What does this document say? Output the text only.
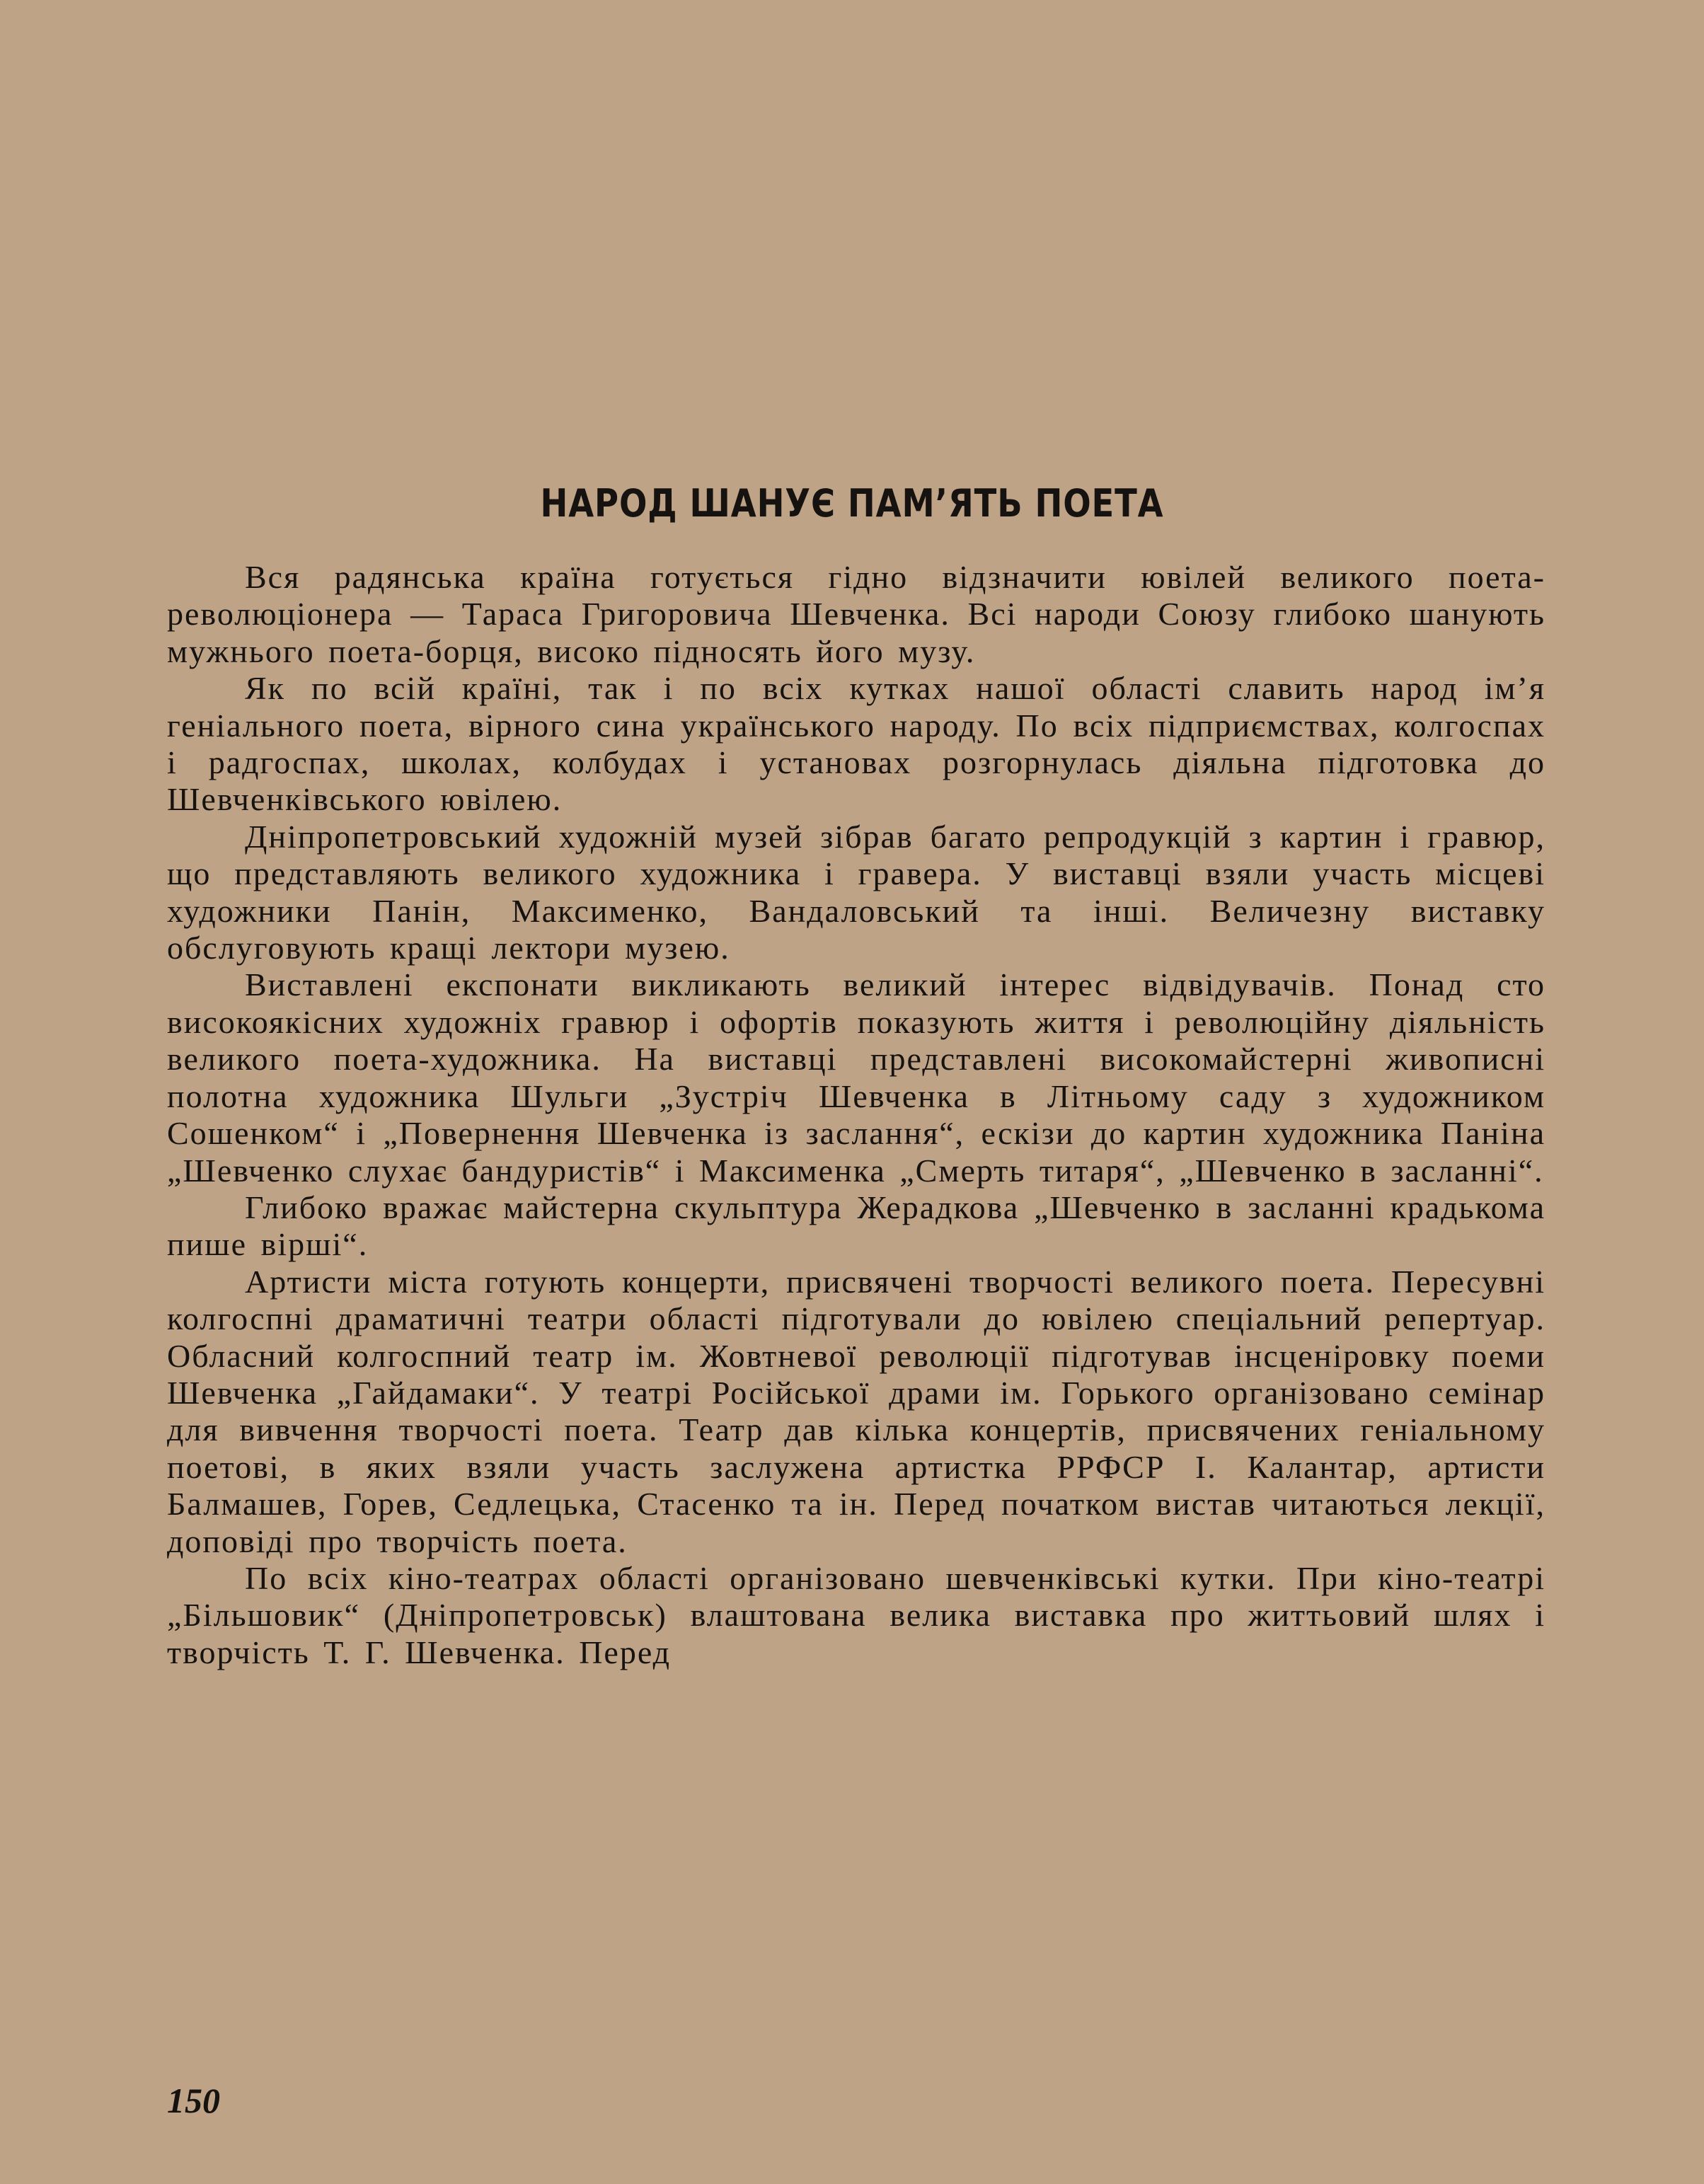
НАРОД ШАНУЄ ПАМ’ЯТЬ ПОЕТА

Вся радянська країна готується гідно відзначити ювілей великого поета-революціонера — Тараса Григоровича Шевченка. Всі народи Союзу глибоко шанують мужнього поета-борця, високо підносять його музу.

Як по всій країні, так і по всіх кутках нашої області славить народ ім’я геніального поета, вірного сина українського народу. По всіх підприємствах, колгоспах і радгоспах, школах, колбудах і установах розгорнулась діяльна підготовка до Шевченківського ювілею.

Дніпропетровський художній музей зібрав багато репродукцій з картин і гравюр, що представляють великого художника і гравера. У виставці взяли участь місцеві художники Панін, Максименко, Вандаловський та інші. Величезну виставку обслуговують кращі лектори музею.

Виставлені експонати викликають великий інтерес відвідувачів. Понад сто високоякісних художніх гравюр і офортів показують життя і революційну діяльність великого поета-художника. На виставці представлені високомайстерні живописні полотна художника Шульги „Зустріч Шевченка в Літньому саду з художником Сошенком“ і „Повернення Шевченка із заслання“, ескізи до картин художника Паніна „Шевченко слухає бандуристів“ і Максименка „Смерть титаря“, „Шевченко в засланні“.

Глибоко вражає майстерна скульптура Жерадкова „Шевченко в засланні крадькома пише вірші“.

Артисти міста готують концерти, присвячені творчості великого поета. Пересувні колгоспні драматичні театри області підготували до ювілею спеціальний репертуар. Обласний колгоспний театр ім. Жовтневої революції підготував інсценіровку поеми Шевченка „Гайдамаки“. У театрі Російської драми ім. Горького організовано семінар для вивчення творчості поета. Театр дав кілька концертів, присвячених геніальному поетові, в яких взяли участь заслужена артистка РРФСР І. Калантар, артисти Балмашев, Горев, Седлецька, Стасенко та ін. Перед початком вистав читаються лекції, доповіді про творчість поета.

По всіх кіно-театрах області організовано шевченківські кутки. При кіно-театрі „Більшовик“ (Дніпропетровськ) влаштована велика виставка про життьовий шлях і творчість Т. Г. Шевченка. Перед

150
